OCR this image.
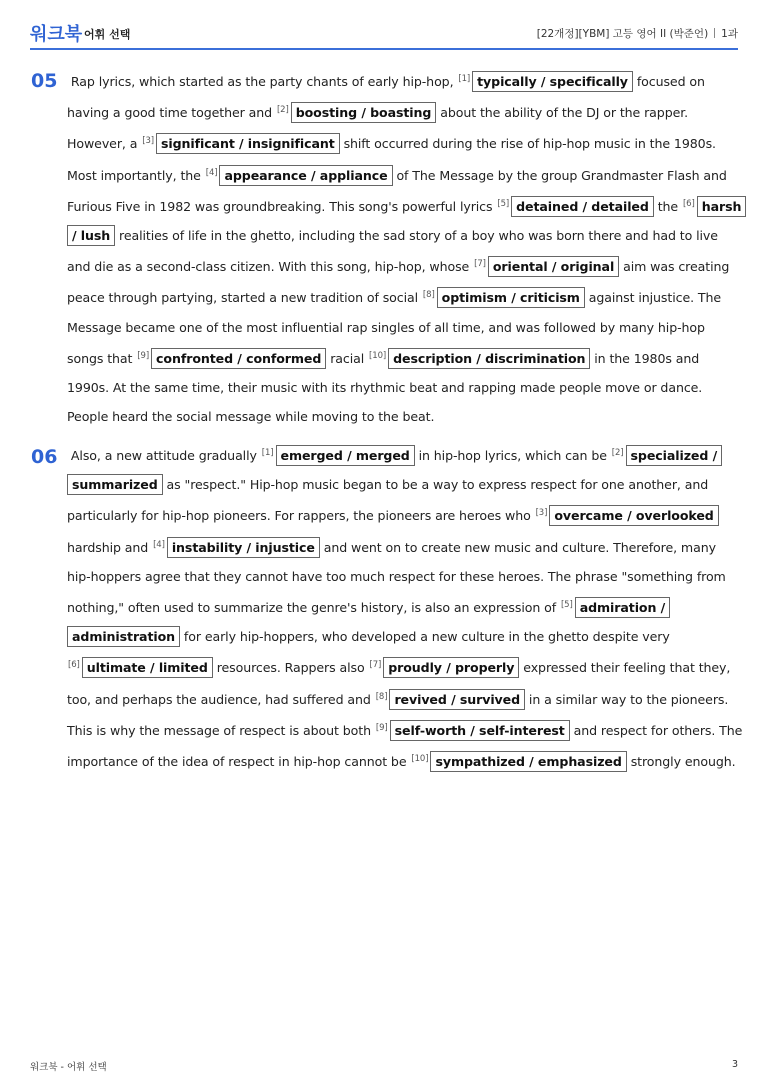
워크북 어휘 선택	[22개정][YBM] 고등 영어 II (박준언) 1과
05	Rap lyrics, which started as the party chants of early hip-hop, [1] typically / specifically focused on having a good time together and [2] boosting / boasting about the ability of the DJ or the rapper. However, a [3] significant / insignificant shift occurred during the rise of hip-hop music in the 1980s. Most importantly, the [4] appearance / appliance of The Message by the group Grandmaster Flash and Furious Five in 1982 was groundbreaking. This song's powerful lyrics [5] detained / detailed the [6] harsh / lush realities of life in the ghetto, including the sad story of a boy who was born there and had to live and die as a second-class citizen. With this song, hip-hop, whose [7] oriental / original aim was creating peace through partying, started a new tradition of social [8] optimism / criticism against injustice. The Message became one of the most influential rap singles of all time, and was followed by many hip-hop songs that [9] confronted / conformed racial [10] description / discrimination in the 1980s and 1990s. At the same time, their music with its rhythmic beat and rapping made people move or dance. People heard the social message while moving to the beat.
06	Also, a new attitude gradually [1] emerged / merged in hip-hop lyrics, which can be [2] specialized / summarized as "respect." Hip-hop music began to be a way to express respect for one another, and particularly for hip-hop pioneers. For rappers, the pioneers are heroes who [3] overcame / overlooked hardship and [4] instability / injustice and went on to create new music and culture. Therefore, many hip-hoppers agree that they cannot have too much respect for these heroes. The phrase "something from nothing," often used to summarize the genre's history, is also an expression of [5] admiration / administration for early hip-hoppers, who developed a new culture in the ghetto despite very [6] ultimate / limited resources. Rappers also [7] proudly / properly expressed their feeling that they, too, and perhaps the audience, had suffered and [8] revived / survived in a similar way to the pioneers. This is why the message of respect is about both [9] self-worth / self-interest and respect for others. The importance of the idea of respect in hip-hop cannot be [10] sympathized / emphasized strongly enough.
워크북 - 어휘 선택	3
